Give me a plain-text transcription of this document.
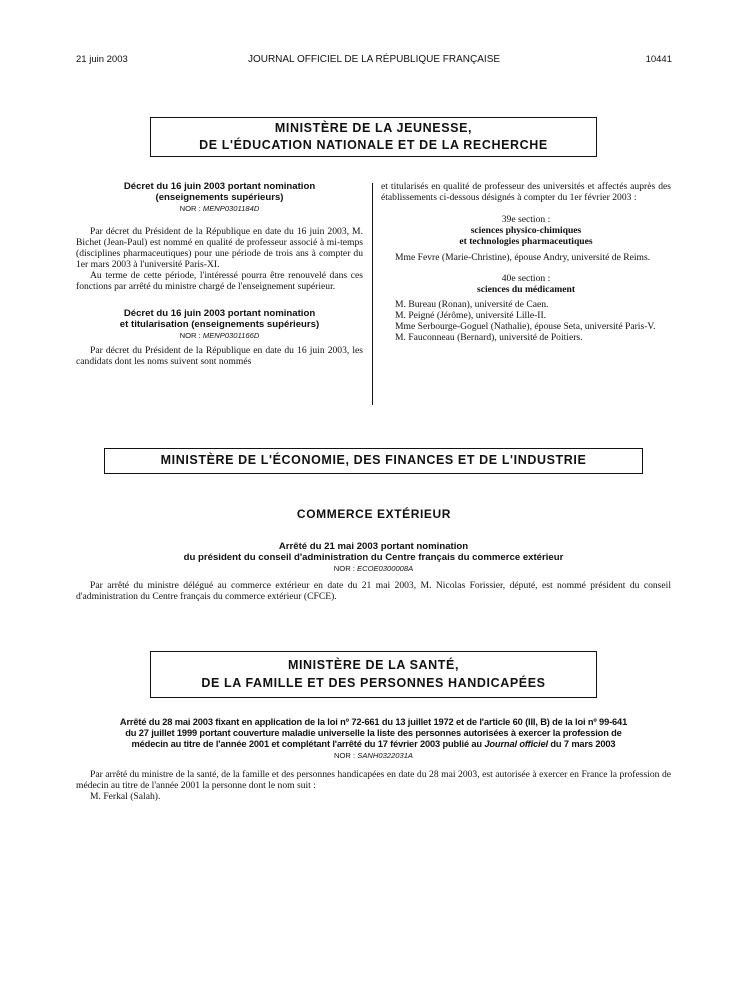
21 juin 2003	JOURNAL OFFICIEL DE LA RÉPUBLIQUE FRANÇAISE	10441
MINISTÈRE DE LA JEUNESSE,
DE L'ÉDUCATION NATIONALE ET DE LA RECHERCHE
Décret du 16 juin 2003 portant nomination
(enseignements supérieurs)
NOR : MENP0301184D
Par décret du Président de la République en date du 16 juin 2003, M. Bichet (Jean-Paul) est nommé en qualité de professeur associé à mi-temps (disciplines pharmaceutiques) pour une période de trois ans à compter du 1er mars 2003 à l'université Paris-XI.
Au terme de cette période, l'intéressé pourra être renouvelé dans ces fonctions par arrêté du ministre chargé de l'enseignement supérieur.
Décret du 16 juin 2003 portant nomination
et titularisation (enseignements supérieurs)
NOR : MENP0301166D
Par décret du Président de la République en date du 16 juin 2003, les candidats dont les noms suivent sont nommés
et titularisés en qualité de professeur des universités et affectés auprès des établissements ci-dessous désignés à compter du 1er février 2003 :
39e section :
sciences physico-chimiques
et technologies pharmaceutiques
Mme Fevre (Marie-Christine), épouse Andry, université de Reims.
40e section :
sciences du médicament
M. Bureau (Ronan), université de Caen.
M. Peigné (Jérôme), université Lille-II.
Mme Serbourge-Goguel (Nathalie), épouse Seta, université Paris-V.
M. Fauconneau (Bernard), université de Poitiers.
MINISTÈRE DE L'ÉCONOMIE, DES FINANCES ET DE L'INDUSTRIE
COMMERCE EXTÉRIEUR
Arrêté du 21 mai 2003 portant nomination
du président du conseil d'administration du Centre français du commerce extérieur
NOR : ECOE0300008A
Par arrêté du ministre délégué au commerce extérieur en date du 21 mai 2003, M. Nicolas Forissier, député, est nommé président du conseil d'administration du Centre français du commerce extérieur (CFCE).
MINISTÈRE DE LA SANTÉ,
DE LA FAMILLE ET DES PERSONNES HANDICAPÉES
Arrêté du 28 mai 2003 fixant en application de la loi nº 72-661 du 13 juillet 1972 et de l'article 60 (III, B) de la loi nº 99-641
du 27 juillet 1999 portant couverture maladie universelle la liste des personnes autorisées à exercer la profession de
médecin au titre de l'année 2001 et complétant l'arrêté du 17 février 2003 publié au Journal officiel du 7 mars 2003
NOR : SANH0322031A
Par arrêté du ministre de la santé, de la famille et des personnes handicapées en date du 28 mai 2003, est autorisée à exercer en France la profession de médecin au titre de l'année 2001 la personne dont le nom suit :
M. Ferkal (Salah).
